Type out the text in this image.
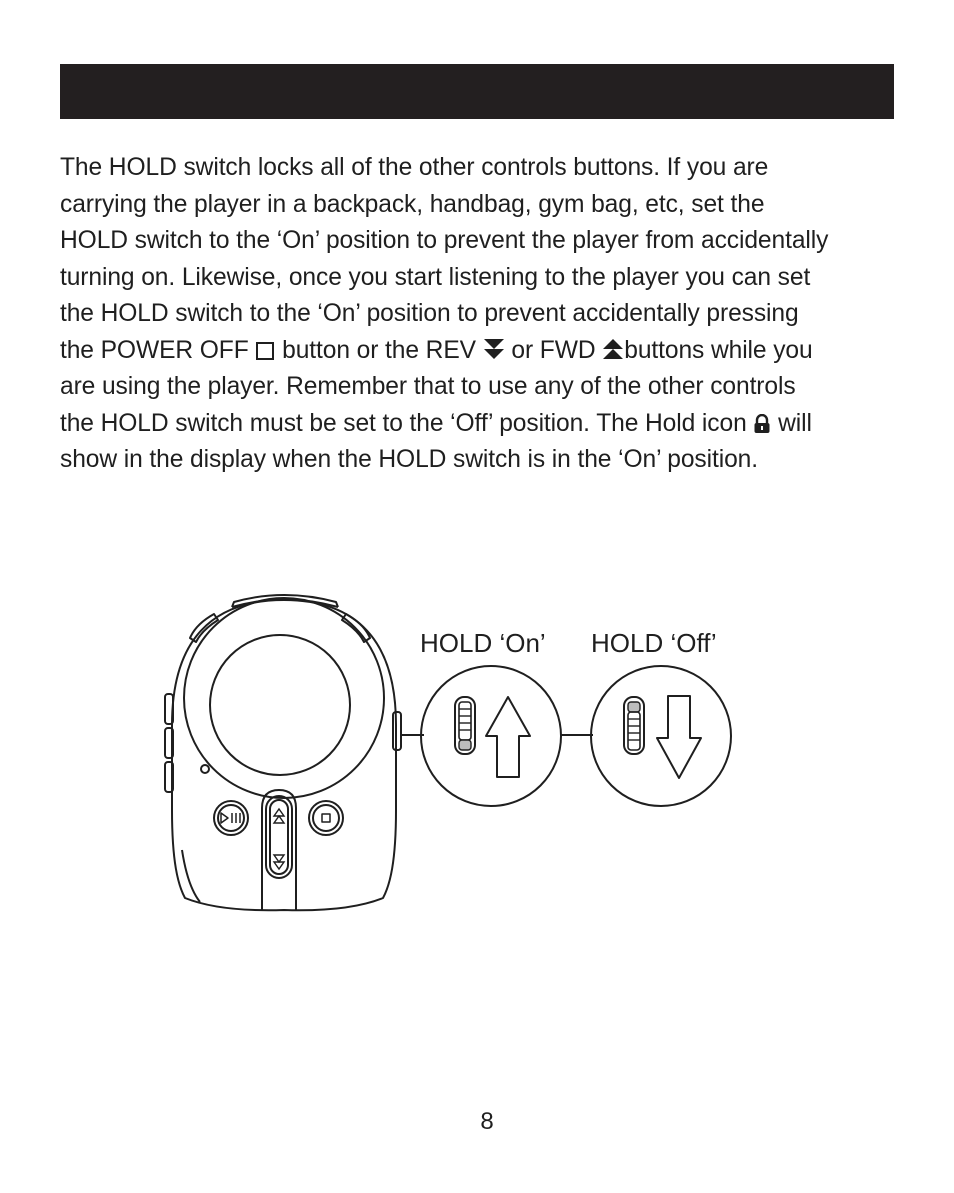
The HOLD switch locks all of the other controls buttons. If you are
carrying the player in a backpack, handbag, gym bag, etc, set the
HOLD switch to the ‘On’ position to prevent the player from accidentally
turning on. Likewise, once you start listening to the player you can set
the HOLD switch to the ‘On’ position to prevent accidentally pressing
the POWER OFF button or the REV or FWD buttons while you
are using the player. Remember that to use any of the other controls
the HOLD switch must be set to the ‘Off’ position. The Hold icon will
show in the display when the HOLD switch is in the ‘On’ position.

HOLD ‘On’ HOLD ‘Off’
8
